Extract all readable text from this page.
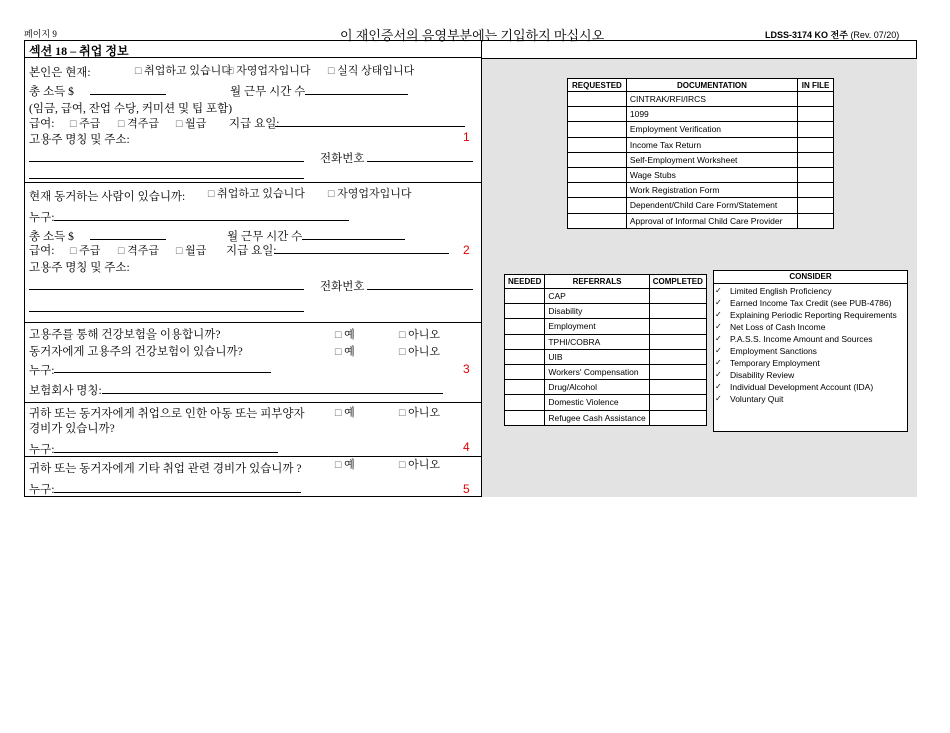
페이지 9	이 재인증서의 음영부분에는 기입하지 마십시오	LDSS-3174 KO 전주 (Rev. 07/20)
섹션 18 – 취업 정보
본인은 현재:	☐ 취업하고 있습니다 ☐ 자영업자입니다	☐ 실직 상태입니다
총 소득 $	월 근무 시간 수
(임금, 급여, 잔업 수당, 커미션 및 팁 포함)
급여:	☐ 주급	☐ 격주급	☐ 월급 지급 요일:
고용주 명칭 및 주소:	1
전화번호
현재 동거하는 사람이 있습니까:	☐ 취업하고 있습니다	☐ 자영업자입니다
누구:
총 소득 $	월 근무 시간 수
급여:	☐ 주급	☐ 격주급	☐ 월급 지급 요일:	2
고용주 명칭 및 주소:
전화번호
고용주를 통해 건강보험을 이용합니까?	☐ 예	☐ 아니오
동거자에게 고용주의 건강보험이 있습니까?	☐ 예	☐ 아니오
누구:	3
보험회사 명칭:
귀하 또는 동거자에게 취업으로 인한 아동 또는 피부양자
경비가 있습니까?
☐ 예	☐ 아니오
누구:	4
귀하 또는 동거자에게 기타 취업 관련 경비가 있습니까 ?	☐ 예	☐ 아니오
누구:	5
REQUESTED	DOCUMENTATION	IN FILE
	CINTRAK/RFI/IRCS	
	1099	
	Employment Verification	
	Income Tax Return	
	Self-Employment Worksheet	
	Wage Stubs	
	Work Registration Form	
	Dependent/Child Care Form/Statement	
	Approval of Informal Child Care Provider	
NEEDED	REFERRALS	COMPLETED
	CAP	
	Disability	
	Employment	
	TPHI/COBRA	
	UIB	
	Workers' Compensation	
	Drug/Alcohol	
	Domestic Violence	
	Refugee Cash Assistance	
CONSIDER
✓ Limited English Proficiency
✓ Earned Income Tax Credit (see PUB-4786)
✓ Explaining Periodic Reporting Requirements
✓ Net Loss of Cash Income
✓ P.A.S.S. Income Amount and Sources
✓ Employment Sanctions
✓ Temporary Employment
✓ Disability Review
✓ Individual Development Account (IDA)
✓ Voluntary Quit
